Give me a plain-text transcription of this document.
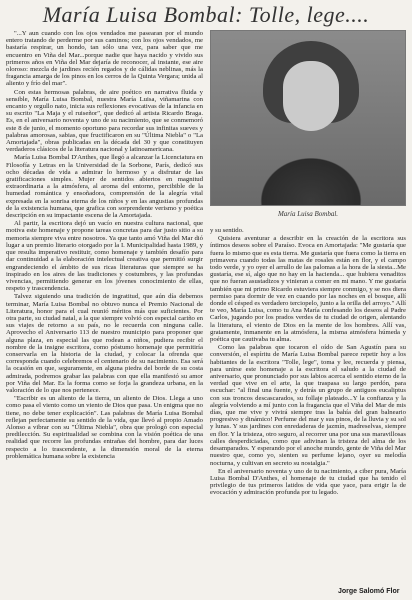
María Luisa Bombal: Tolle, lege....

"...Y aun cuando con los ojos vendados me pasearan por el mundo entero tratando de perderme por sus caminos; con los ojos vendados, me bastaría respirar, un hondo, tan sólo una vez, para saber que me encuentro en Viña del Mar...porque nadie que haya nacido y vivido sus primeros años en Viña del Mar dejaría de reconocer, al instante, ese aire oloroso: mezcla de jardines recién regados y de cálidas neblinas, más la fragancia amarga de los pinos en los cerros de la Quinta Vergara; unida al aliento y frío del mar".

Con estas hermosas palabras, de aire poético en narrativa fluida y sensible, María Luisa Bombal, nuestra María Luisa, viñamarina con encanto y orgullo nato, inicia sus reflexiones evocativas de la infancia en su escrito "La Maja y el ruiseñor", que dedicó al artista Ricardo Braga. Es, en el aniversario noventa y uno de su nacimiento, que se conmemoró este 8 de junio, el momento oportuno para recordar sus infinitas sueves y palabras amorosas, sabias, que fructificaron en su "Última Niebla" o "La Amortajada", obras publicadas en la década del 30 y que constituyen verdaderos clásicos de la literatura nacional y latinoamericana.

María Luisa Bombal D'Anthes, que llegó a alcanzar la Licenciatura en Filosofía y Letras en la Universidad de la Sorbone, París, dedicó sus ocho décadas de vida a admirar lo hermoso y a disfrutar de las gratificaciones simples. Mujer de sentidos abiertos en magnitud extraordinaria a la atmósfera, al aroma del entorno, percibible de la humedad romántica y ensoñadora, comprensión de la alegría vital expresada en la sonrisa eterna de los niños y en las angustias profundas de la existencia humana, que grafica con sorprendente verismo y poética descripción en su impactante escena de la Amortajada.

Al partir, la escritora dejó un vacío en nuestra cultura nacional, que motiva este homenaje y propone tareas concretas para dar justo sitio a su memoria siempre viva entre nosotros. Ya que tanto amó Viña del Mar dió lugar a un premio literario otorgado por la I. Municipalidad hasta 1989, y que resulta imperativo restituir, como homenaje y también desafío para dar continuidad a la elaboración intelectual creativa que permitió surgir engrandeciendo el ámbito de sus ricas literaturas que siempre se ha inspirado en los aires de las tradiciones y costumbres, y las profundas vivencias, permitiendo generar en los jóvenes conocimiento de ellas, respeto y trascendencia.

Talvez siguiendo una tradición de ingratitud, que aún día debemos terminar, María Luisa Bombal no obtuvo nunca el Premio Nacional de Literatura, honor para el cual reunió méritos más que suficientes. Por otra parte, su ciudad natal, a la que siempre volvió con especial cariño en sus viajes de retorno a su país, no le recuerda con ninguna calle. Aprovecho el Aniversario 113 de nuestro municipio para proponer que alguna plaza, en especial las que rodean a niños, pudiera recibir el nombre de la insigne escritora, como póstumo homenaje que permitiría conservarla en la historia de la ciudad, y colocar la ofrenda que corresponda cuando celebremos el centenario de su nacimiento. Esa será la ocasión en que, seguramente, en alguna piedra del borde de su costa admirada, podremos grabar las palabras con que ella manifestó su amor por Viña del Mar. Es la forma como se forja la grandeza urbana, en la valoración de lo que nos pertenece.

"Escribir es un aliento de la tierra, un aliento de Dios. Llega a uno como pasa el viento como un viento de Dios que pasa. Un enigma que no tiene, no debe tener explicación". Las palabras de María Luisa Bombal reflejan perfectamente su sentido de la vida, que llevó al propio Amado Alonso a vibrar con su "Última Niebla", obra que prologó con especial predilección. Su espiritualidad se combina con la visión poética de una realidad que recorre las profundas entrañas del hombre, para dar luces respecto a lo trascendente, a la dimensión moral de la eterna problemática humana sobre la existencia

María Luisa Bombal.

y su sentido.

Quisiera aventurar a describir en la creación de la escritora sus íntimos deseos sobre el Paraíso. Evoca en Amortajada: "Me gustaría que fuera lo mismo que es esta tierra. Me gustaría que fuera como la tierra en primavera cuando todas las matas de rosales están en flor, y el campo todo verde, y yo oyer el arrullo de las palomas a la hora de la siesta...Me gustaría, ese sí, algo que no hay en la hacienda... que hubiera venaditos que no fueran asustadizos y vinieran a comer en mi mano. Y me gustaría también que mi primo Ricardo estuviera siempre conmigo, y se nos diera permiso para dormir de vez en cuando por las noches en el bosque, allí donde el césped es verdadero terciopelo, junto a la orilla del arroyo." Allí te veo, María Luisa, como tu Ana María confesando los deseos al Padre Carlos, jugando por los prados verdes de tu ciudad de origen, alentando la literatura, el viento de Dios en la mente de los hombres. Allí vas, gratamente, inmanente en la atmósfera, la misma atmósfera húmeda y poética que cautivaba tu alma.

Como las palabras que tocaron el oído de San Agustín para su conversión, el espíritu de María Luisa Bombal parece repetir hoy a los habitantes de la escritora "Tolle, lege", toma y lee, recuerda y piensa, para unirse este homenaje a la escritora el saludo a la ciudad de aniversario, que pronunciado por sus labios acerca el sentido eterno de la verdad que vive en el arte, la que traspasa su largo perdón, para escuchar: "al final una fuente, y detrás un grupo de antiguos eucaliptus con sus troncos descascarados, su follaje plateado...Y la confianza y la alegría volviendo a mí junto con la fragancia que el Viña del Mar de mis días, que me vive y vivirá siempre tras la bahía del gran balneario progresivo y dinámico! Perfume del mar y sus pinos, de la lluvia y su sol y lunas. Y sus jardines con enredaderas de jazmín, madreselvas, siempre en flor. Y la tristeza, otro seguro, al recorrer una por una sus maravillosas calles desperdiciadas, como que adivinan la tristeza del alma de los desamparados. Y esperando por el anoche mundo, gente de Viña del Mar nuestro que, como yo, sienten su perfume lejano, oyer su melodía nocturna, y cultivan en secreto su nostalgia."

En el aniversario noventa y uno de tu nacimiento, a ciber pura, María Luisa Bombal D'Anthes, el homenaje de tu ciudad que ha tenido el privilegio de tus primeros latidos de vida que yace, para erigir la de evocación y admiración profunda por tu legado.

Jorge Salomó Flor
